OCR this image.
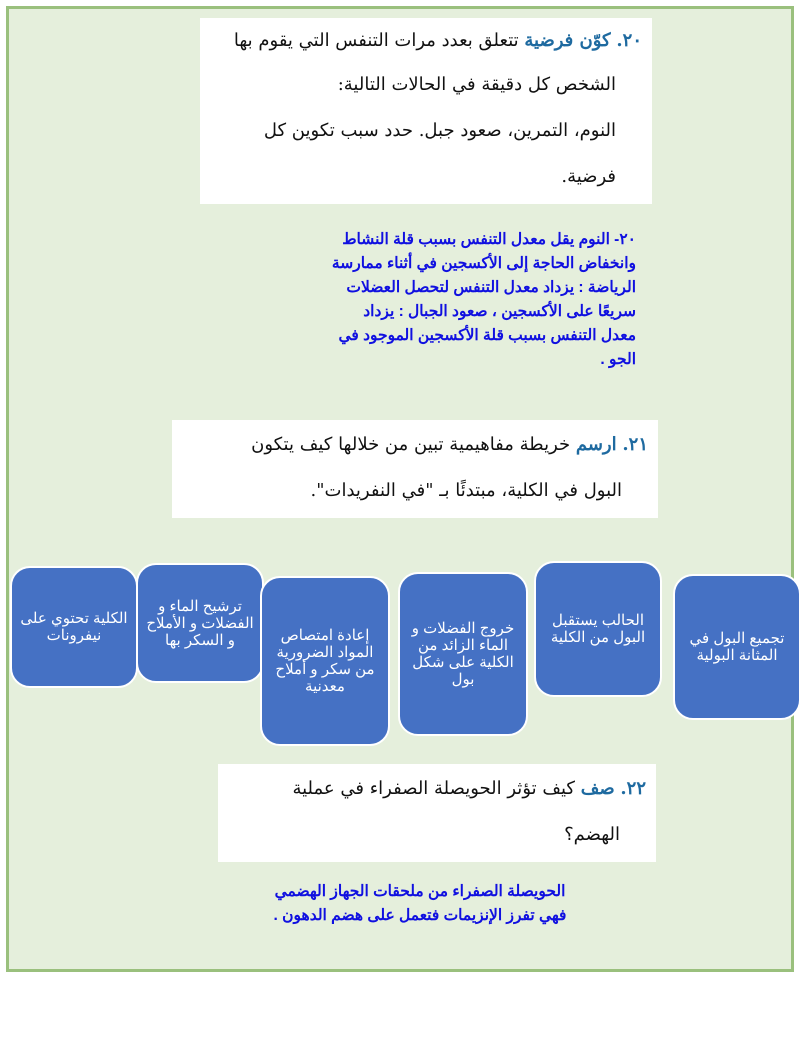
٢٠. كوّن فرضية تتعلق بعدد مرات التنفس التي يقوم بها
الشخص كل دقيقة في الحالات التالية:
النوم، التمرين، صعود جبل. حدد سبب تكوين كل
فرضية.
٢٠- النوم يقل معدل التنفس بسبب قلة النشاط
وانخفاض الحاجة إلى الأكسجين في أثناء ممارسة
الرياضة : يزداد معدل التنفس لتحصل العضلات
سريعًا على الأكسجين ، صعود الجبال : يزداد
معدل التنفس بسبب قلة الأكسجين الموجود في
الجو .
٢١. ارسم خريطة مفاهيمية تبين من خلالها كيف يتكون
البول في الكلية، مبتدئًا بـ "في النفريدات".
الكلية تحتوي على نيفرونات
ترشيح الماء و الفضلات و الأملاح و السكر بها	إعادة امتصاص المواد الضرورية من سكر و أملاح معدنية
خروج الفضلات و الماء الزائد من الكلية على شكل بول
الحالب يستقبل البول من الكلية	تجميع البول في المثانة البولية
٢٢. صف كيف تؤثر الحويصلة الصفراء في عملية
الهضم؟
الحويصلة الصفراء من ملحقات الجهاز الهضمي
فهي تفرز الإنزيمات فتعمل على هضم الدهون .
